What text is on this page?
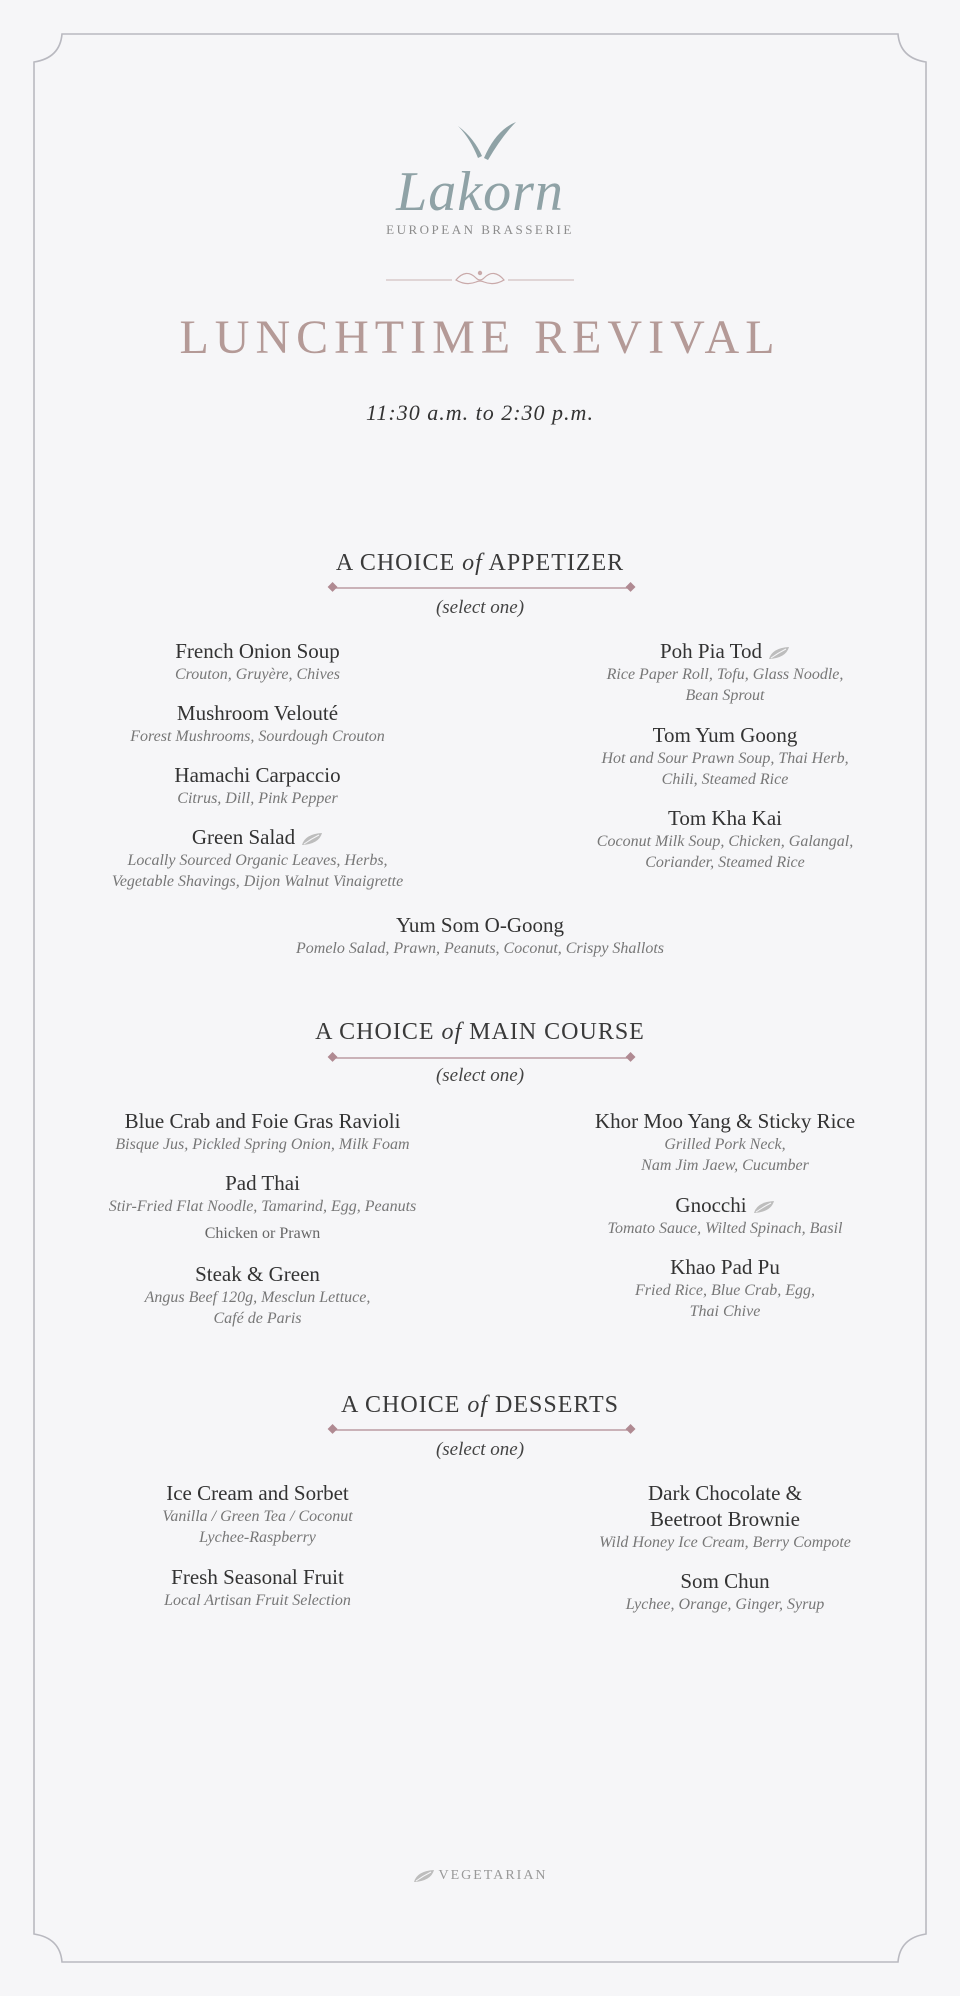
Lakorn
EUROPEAN BRASSERIE
LUNCHTIME REVIVAL
11:30 a.m. to 2:30 p.m.
A CHOICE of APPETIZER
(select one)
French Onion Soup
Crouton, Gruyère, Chives
Mushroom Velouté
Forest Mushrooms, Sourdough Crouton
Hamachi Carpaccio
Citrus, Dill, Pink Pepper
Green Salad
Locally Sourced Organic Leaves, Herbs,
Vegetable Shavings, Dijon Walnut Vinaigrette
Poh Pia Tod
Rice Paper Roll, Tofu, Glass Noodle,
Bean Sprout
Tom Yum Goong
Hot and Sour Prawn Soup, Thai Herb,
Chili, Steamed Rice
Tom Kha Kai
Coconut Milk Soup, Chicken, Galangal,
Coriander, Steamed Rice
Yum Som O-Goong
Pomelo Salad, Prawn, Peanuts, Coconut, Crispy Shallots
A CHOICE of MAIN COURSE
(select one)
Blue Crab and Foie Gras Ravioli
Bisque Jus, Pickled Spring Onion, Milk Foam
Pad Thai
Stir-Fried Flat Noodle, Tamarind, Egg, Peanuts
Chicken or Prawn
Steak & Green
Angus Beef 120g, Mesclun Lettuce,
Café de Paris
Khor Moo Yang & Sticky Rice
Grilled Pork Neck,
Nam Jim Jaew, Cucumber
Gnocchi
Tomato Sauce, Wilted Spinach, Basil
Khao Pad Pu
Fried Rice, Blue Crab, Egg,
Thai Chive
A CHOICE of DESSERTS
(select one)
Ice Cream and Sorbet
Vanilla / Green Tea / Coconut
Lychee-Raspberry
Fresh Seasonal Fruit
Local Artisan Fruit Selection
Dark Chocolate &
Beetroot Brownie
Wild Honey Ice Cream, Berry Compote
Som Chun
Lychee, Orange, Ginger, Syrup
VEGETARIAN
